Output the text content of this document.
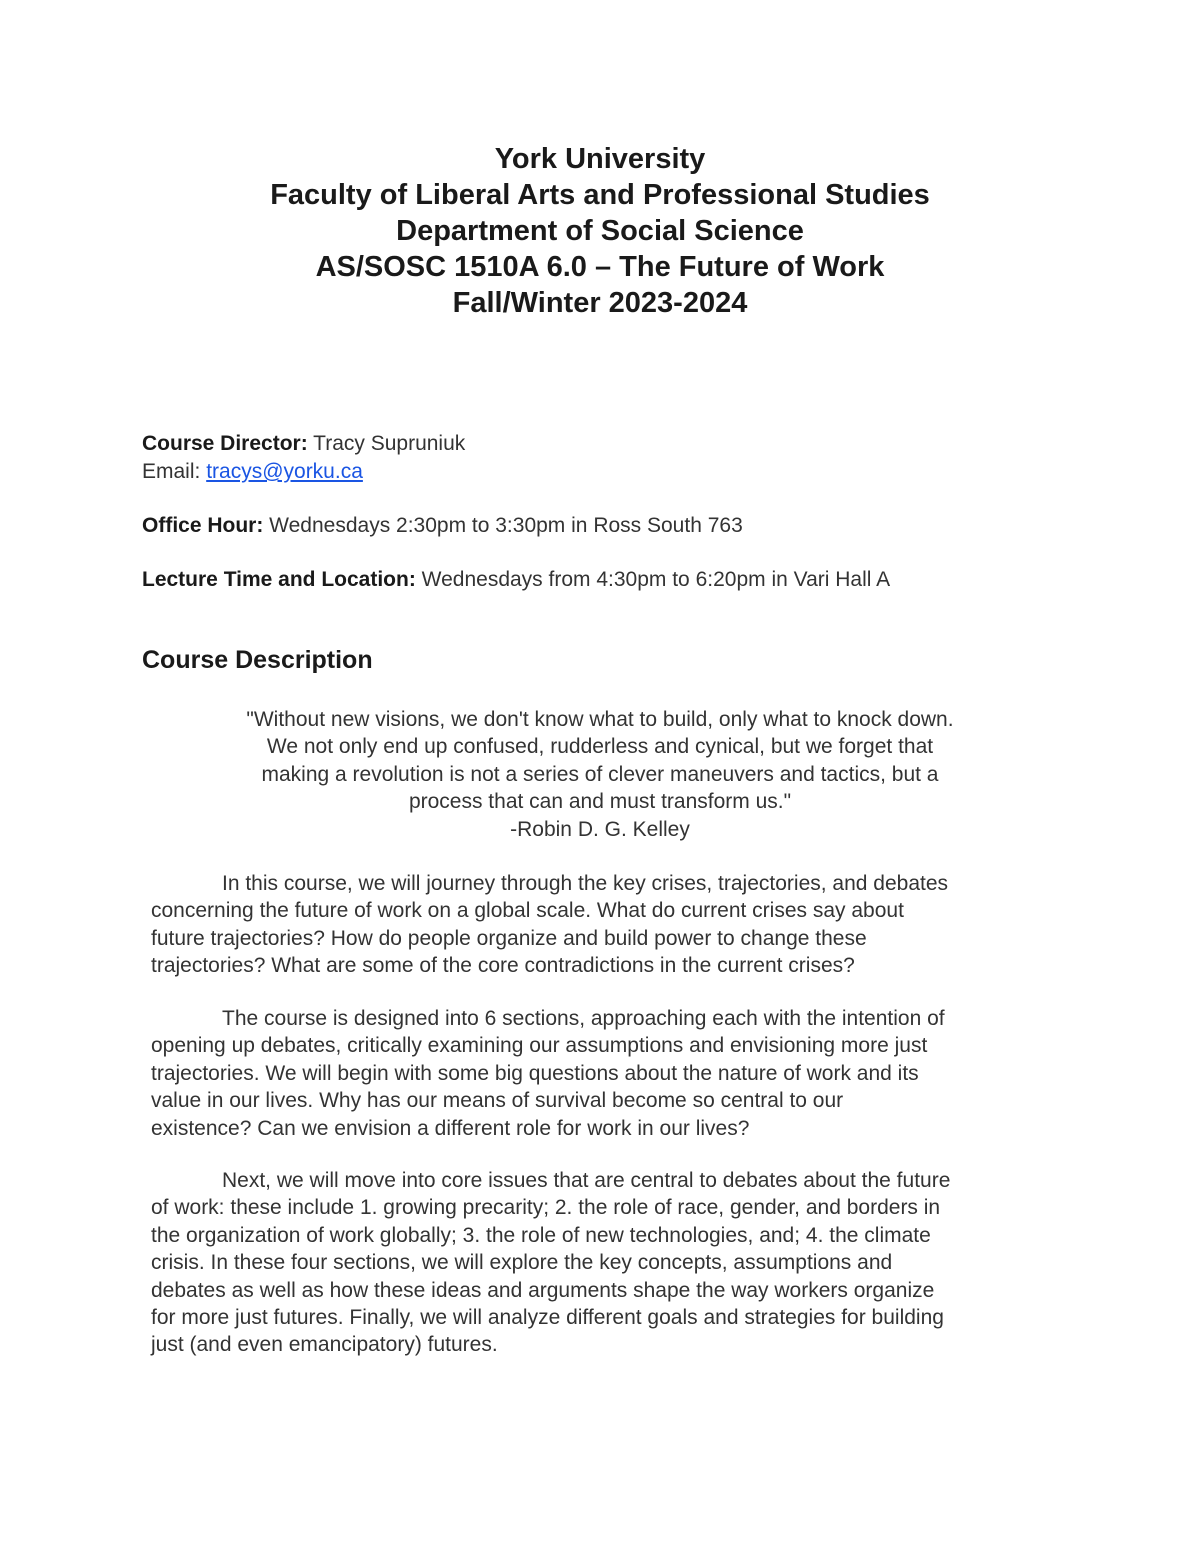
York University
Faculty of Liberal Arts and Professional Studies
Department of Social Science
AS/SOSC 1510A 6.0 – The Future of Work
Fall/Winter 2023-2024
Course Director: Tracy Supruniuk
Email: tracys@yorku.ca
Office Hour: Wednesdays 2:30pm to 3:30pm in Ross South 763
Lecture Time and Location: Wednesdays from 4:30pm to 6:20pm in Vari Hall A
Course Description
"Without new visions, we don't know what to build, only what to knock down.
We not only end up confused, rudderless and cynical, but we forget that
making a revolution is not a series of clever maneuvers and tactics, but a
process that can and must transform us."
-Robin D. G. Kelley
In this course, we will journey through the key crises, trajectories, and debates
concerning the future of work on a global scale. What do current crises say about
future trajectories? How do people organize and build power to change these
trajectories? What are some of the core contradictions in the current crises?
The course is designed into 6 sections, approaching each with the intention of
opening up debates, critically examining our assumptions and envisioning more just
trajectories. We will begin with some big questions about the nature of work and its
value in our lives. Why has our means of survival become so central to our
existence? Can we envision a different role for work in our lives?
Next, we will move into core issues that are central to debates about the future
of work: these include 1. growing precarity; 2. the role of race, gender, and borders in
the organization of work globally; 3. the role of new technologies, and; 4. the climate
crisis. In these four sections, we will explore the key concepts, assumptions and
debates as well as how these ideas and arguments shape the way workers organize
for more just futures. Finally, we will analyze different goals and strategies for building
just (and even emancipatory) futures.
